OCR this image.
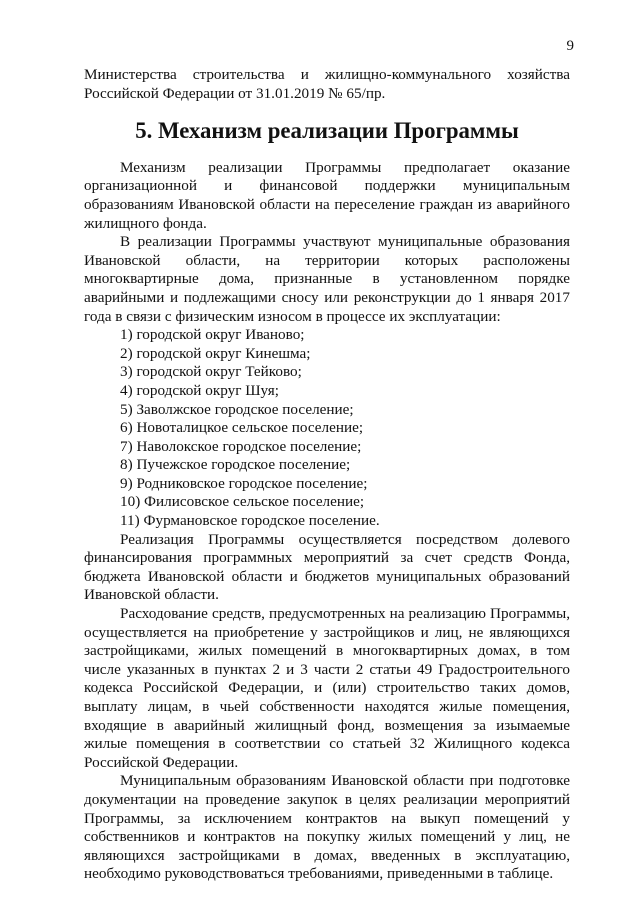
9

Министерства строительства и жилищно-коммунального хозяйства Российской Федерации от 31.01.2019 № 65/пр.

5. Механизм реализации Программы

Механизм реализации Программы предполагает оказание организационной и финансовой поддержки муниципальным образованиям Ивановской области на переселение граждан из аварийного жилищного фонда.

В реализации Программы участвуют муниципальные образования Ивановской области, на территории которых расположены многоквартирные дома, признанные в установленном порядке аварийными и подлежащими сносу или реконструкции до 1 января 2017 года в связи с физическим износом в процессе их эксплуатации:

1) городской округ Иваново;
2) городской округ Кинешма;
3) городской округ Тейково;
4) городской округ Шуя;
5) Заволжское городское поселение;
6) Новоталицкое сельское поселение;
7) Наволокское городское поселение;
8) Пучежское городское поселение;
9) Родниковское городское поселение;
10) Филисовское сельское поселение;
11) Фурмановское городское поселение.

Реализация Программы осуществляется посредством долевого финансирования программных мероприятий за счет средств Фонда, бюджета Ивановской области и бюджетов муниципальных образований Ивановской области.

Расходование средств, предусмотренных на реализацию Программы, осуществляется на приобретение у застройщиков и лиц, не являющихся застройщиками, жилых помещений в многоквартирных домах, в том числе указанных в пунктах 2 и 3 части 2 статьи 49 Градостроительного кодекса Российской Федерации, и (или) строительство таких домов, выплату лицам, в чьей собственности находятся жилые помещения, входящие в аварийный жилищный фонд, возмещения за изымаемые жилые помещения в соответствии со статьей 32 Жилищного кодекса Российской Федерации.

Муниципальным образованиям Ивановской области при подготовке документации на проведение закупок в целях реализации мероприятий Программы, за исключением контрактов на выкуп помещений у собственников и контрактов на покупку жилых помещений у лиц, не являющихся застройщиками в домах, введенных в эксплуатацию, необходимо руководствоваться требованиями, приведенными в таблице.
